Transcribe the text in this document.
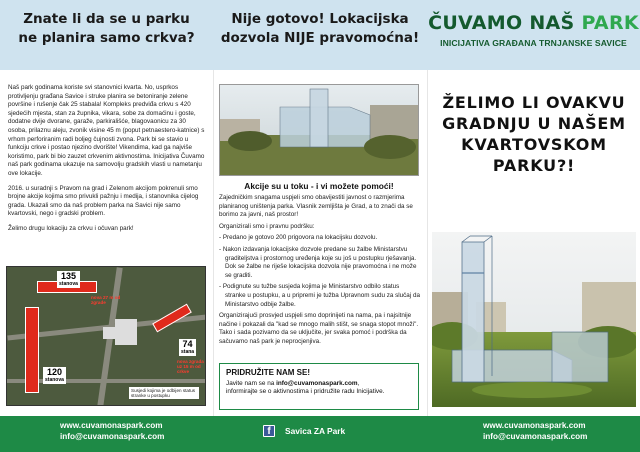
Znate li da se u parku
ne planira samo crkva?
Nije gotovo! Lokacijska
dozvola NIJE pravomoćna!
ČUVAMO NAŠ PARK
INICIJATIVA GRAĐANA TRNJANSKE SAVICE

Naš park godinama koriste svi stanovnici kvarta. No, usprkos protivljenju građana Savice i struke planira se betoniranje zelene površine i rušenje čak 25 stabala! Kompleks predviđa crkvu s 420 sjedećih mjesta, stan za župnika, vikara, sobe za domaćinu i goste, dodatne dvije dvorane, garaže, parkirališće, blagovaonicu za 30 osoba, prilaznu aleju, zvonik visine 45 m (poput petnaestero-katnice) s vrhom perforiranim radi boljeg čujnosti zvona. Park bi se stavio u funkciju crkve i postao njezino dvorište! Vikendima, kad ga najviše koristimo, park bi bio zauzet crkvenim aktivnostima. Inicijativa Čuvamo naš park godinama ukazuje na samovolju gradskih vlasti u nametanju ove lokacije.

2016. u suradnji s Pravom na grad i Zelenom akcijom pokrenuli smo brojne akcije kojima smo privukli pažnju i medija, i stanovnika cijelog grada. Ukazali smo da naš problem parka na Savici nije samo kvartovski, nego i gradski problem.

Želimo drugu lokaciju za crkvu i očuvan park!

135
stanova
120
stanova
74
stana
nova 27 m od zgrade
nova zgrada uz 15 m od crkve
Susjedi kojima je odbijen status stranke u postupku
Akcije su u toku - i vi možete pomoći!

Zajedničkim snagama uspjeli smo obavijestiti javnost o razmjerima planiranog uništenja parka. Vlasnik zemljišta je Grad, a to znači da se borimo za javni, naš prostor!

Organizirali smo i pravnu podršku:

- Predano je gotovo 200 prigovora na lokacijsku dozvolu.

- Nakon izdavanja lokacijske dozvole predane su žalbe Ministarstvu graditeljstva i prostornog uređenja koje su još u postupku rješavanja. Dok se žalbe ne riješe lokacijska dozvola nije pravomoćna i ne može se graditi.

- Podignute su tužbe susjeda kojima je Ministarstvo odbilo status stranke u postupku, a u pripremi je tužba Upravnom sudu za slučaj da Ministarstvo odbije žalbe.

Organizirajući prosvjed uspjeli smo doprinijeti na nama, pa i najsitnije načine i pokazali da "kad se mnogo malih stišt, se snaga stopot množi". Tako i sada pozivamo da se uključite, jer svaka pomoć i podrška da sačuvamo naš park je neprocjenjiva.

PRIDRUŽITE NAM SE!
Javite nam se na info@cuvamonaspark.com,
informirajte se o aktivnostima i pridružite radu Inicijative.
ŽELIMO LI OVAKVU
GRADNJU U NAŠEM
KVARTOVSKOM
PARKU?!
www.cuvamonaspark.com
info@cuvamonaspark.com	f	Savica ZA Park
www.cuvamonaspark.com
info@cuvamonaspark.com
